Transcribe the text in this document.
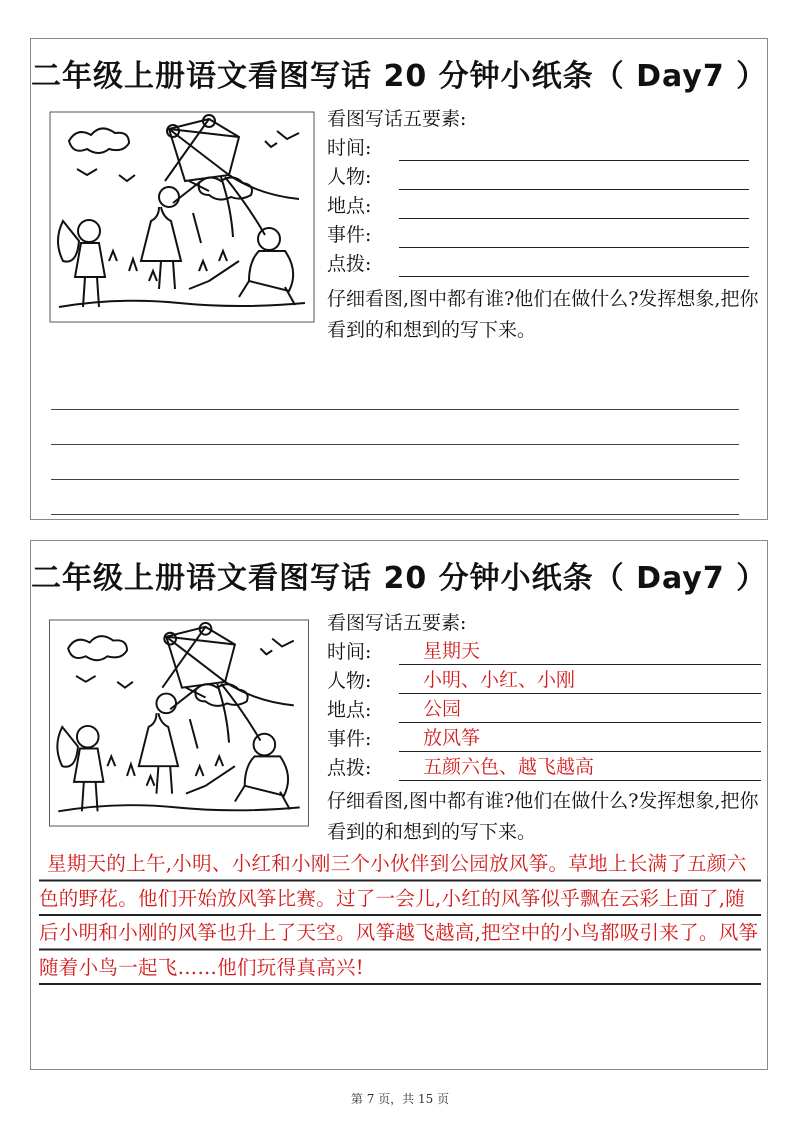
二年级上册语文看图写话 20 分钟小纸条（ Day7 ）
看图写话五要素:
时间:
人物:
地点:
事件:
点拨:
仔细看图,图中都有谁?他们在做什么?发挥想象,把你看到的和想到的写下来。
二年级上册语文看图写话 20 分钟小纸条（ Day7 ）
看图写话五要素:
时间:	星期天
人物:	小明、小红、小刚
地点:	公园
事件:	放风筝
点拨:	五颜六色、越飞越高
仔细看图,图中都有谁?他们在做什么?发挥想象,把你看到的和想到的写下来。
星期天的上午,小明、小红和小刚三个小伙伴到公园放风筝。草地上长满了五颜六色的野花。他们开始放风筝比赛。过了一会儿,小红的风筝似乎飘在云彩上面了,随后小明和小刚的风筝也升上了天空。风筝越飞越高,把空中的小鸟都吸引来了。风筝随着小鸟一起飞……他们玩得真高兴!
第 7 页，共 15 页
